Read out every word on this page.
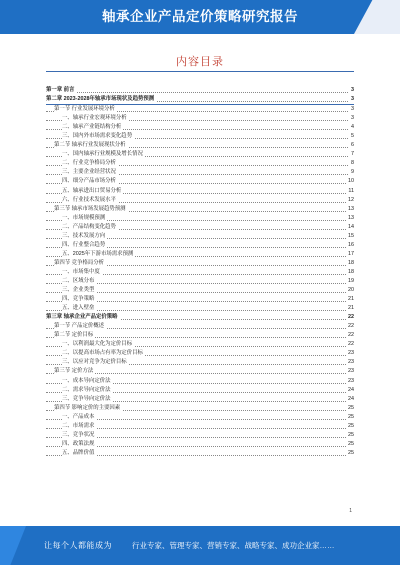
轴承企业产品定价策略研究报告
内容目录
第一章 前言	3
第二章 2023-2028年轴承市场现状及趋势预测	3
第一节 行业发展环境分析	3
一、轴承行业宏观环境分析	3
二、轴承产业链结构分析	4
三、国内外市场需求变化趋势	5
第二节 轴承行业发展现状分析	6
一、国内轴承行业规模及增长情况	7
二、行业竞争格局分析	8
三、主要企业经营状况	9
四、细分产品市场分析	10
五、轴承进出口贸易分析	11
六、行业技术发展水平	12
第三节 轴承市场发展趋势预测	13
一、市场规模预测	13
二、产品结构变化趋势	14
三、技术发展方向	15
四、行业整合趋势	16
五、2025年下游市场需求预测	17
第四节 竞争格局分析	18
一、市场集中度	18
二、区域分布	19
三、企业类型	20
四、竞争策略	21
五、进入壁垒	21
第三章 轴承企业产品定价策略	22
第一节 产品定价概述	22
第二节 定价目标	22
一、以利润最大化为定价目标	22
二、以提高市场占有率为定价目标	23
三、以应对竞争为定价目标	23
第三节 定价方法	23
一、成本导向定价法	23
二、需求导向定价法	24
三、竞争导向定价法	24
第四节 影响定价的主要因素	25
一、产品成本	25
二、市场需求	25
三、竞争状况	25
四、政策法规	25
五、品牌价值	25
1
让每个人都能成为	行业专家、管理专家、营销专家、战略专家、成功企业家……
